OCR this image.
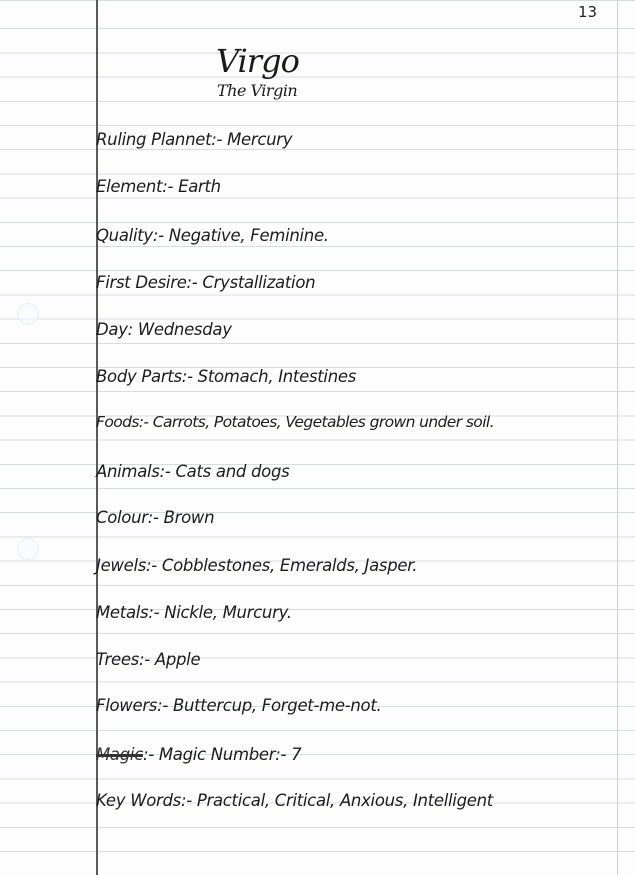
13
Virgo
The Virgin
Ruling Plannet:- Mercury
Element:- Earth
Quality:- Negative, Feminine.
First Desire:- Crystallization
Day: Wednesday
Body Parts:- Stomach, Intestines
Foods:- Carrots, Potatoes, Vegetables grown under soil.
Animals:- Cats and dogs
Colour:- Brown
Jewels:- Cobblestones, Emeralds, Jasper.
Metals:- Nickle, Murcury.
Trees:- Apple
Flowers:- Buttercup, Forget-me-not.
Magic:- Magic Number:- 7
Key Words:- Practical, Critical, Anxious, Intelligent
